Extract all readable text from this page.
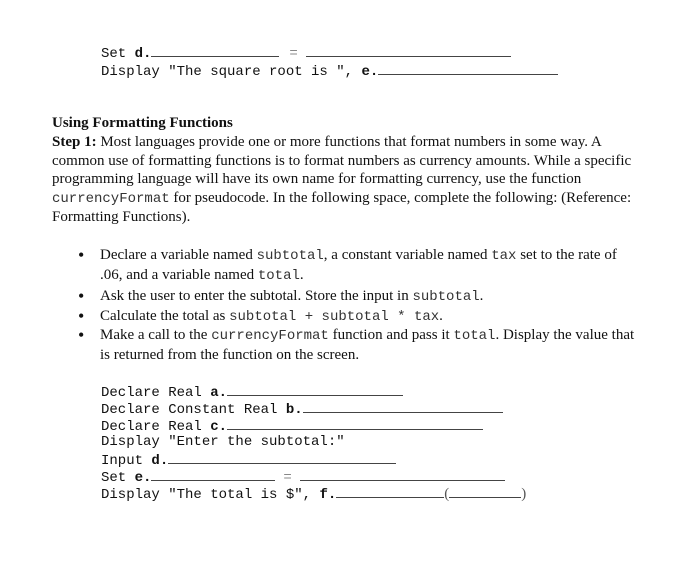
Set d.	=
Display "The square root is ", e.
Using Formatting Functions
Step 1: Most languages provide one or more functions that format numbers in some way. A common use of formatting functions is to format numbers as currency amounts. While a specific programming language will have its own name for formatting currency, use the function currencyFormat for pseudocode. In the following space, complete the following: (Reference: Formatting Functions).
• Declare a variable named subtotal, a constant variable named tax set to the rate of .06, and a variable named total.
• Ask the user to enter the subtotal. Store the input in subtotal.
• Calculate the total as subtotal + subtotal * tax.
• Make a call to the currencyFormat function and pass it total. Display the value that is returned from the function on the screen.
Declare Real a.
Declare Constant Real b.
Declare Real c.
Display "Enter the subtotal:"
Input d.
Set e.	=
Display "The total is $", f.	(	)
